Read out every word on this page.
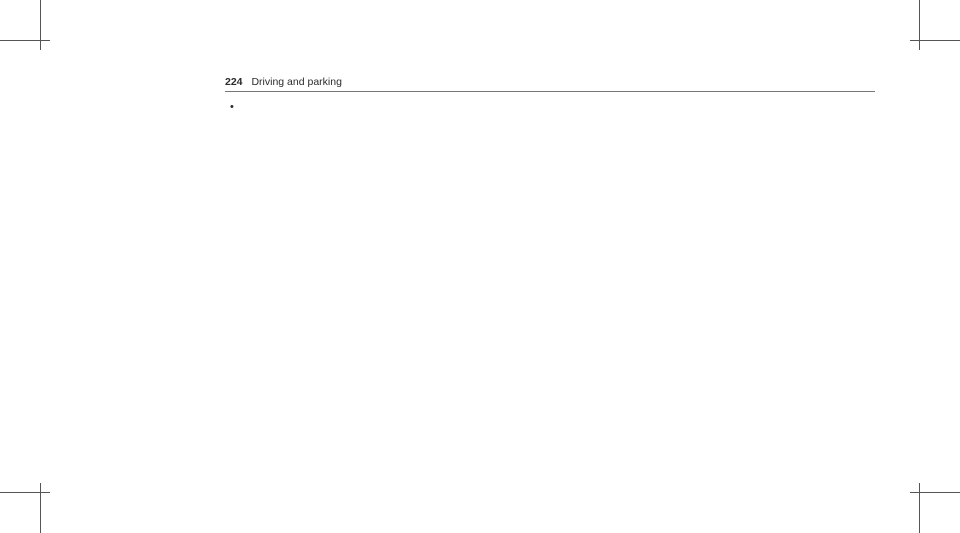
224 Driving and parking
